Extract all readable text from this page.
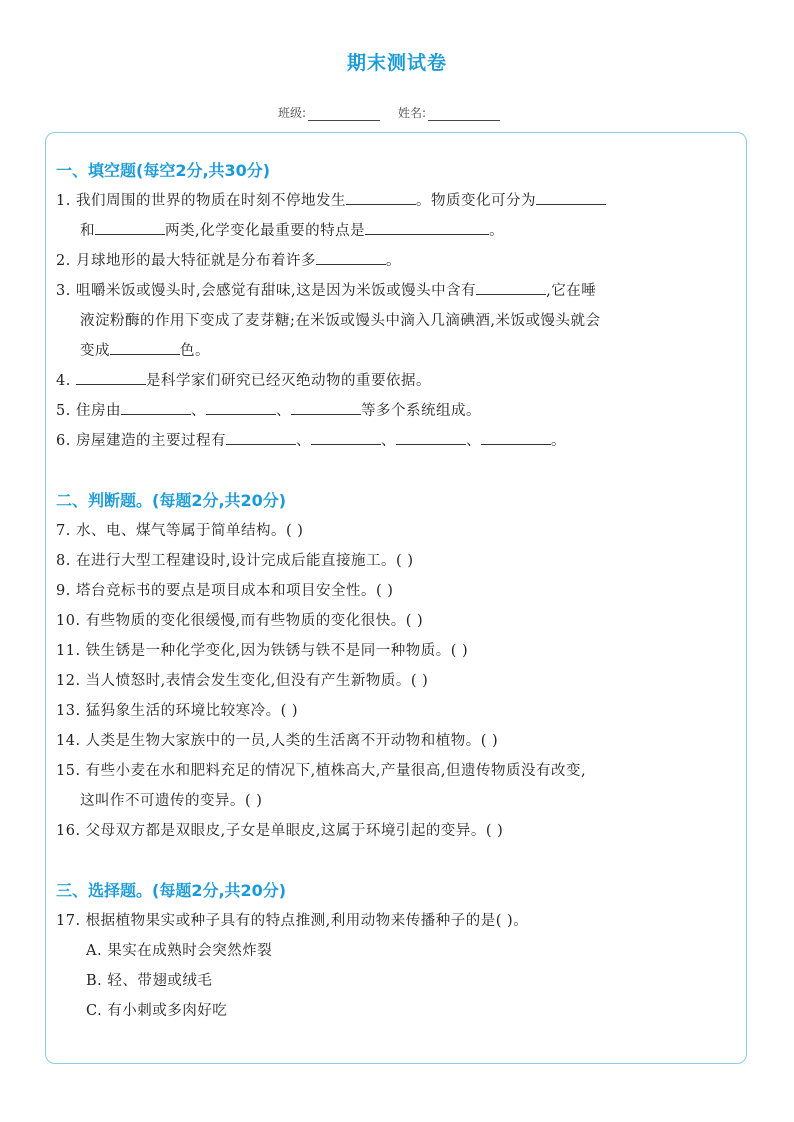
期末测试卷
班级:	姓名:
一、填空题(每空2分,共30分)
1. 我们周围的世界的物质在时刻不停地发生	。物质变化可分为
和	两类,化学变化最重要的特点是	。
2. 月球地形的最大特征就是分布着许多	。
3. 咀嚼米饭或馒头时,会感觉有甜味,这是因为米饭或馒头中含有	,它在唾
液淀粉酶的作用下变成了麦芽糖;在米饭或馒头中滴入几滴碘酒,米饭或馒头就会
变成	色。
4.	是科学家们研究已经灭绝动物的重要依据。
5. 住房由	、	、	等多个系统组成。
6. 房屋建造的主要过程有	、	、	、	。
二、判断题。(每题2分,共20分)
7. 水、电、煤气等属于简单结构。( )
8. 在进行大型工程建设时,设计完成后能直接施工。( )
9. 塔台竞标书的要点是项目成本和项目安全性。( )
10. 有些物质的变化很缓慢,而有些物质的变化很快。( )
11. 铁生锈是一种化学变化,因为铁锈与铁不是同一种物质。( )
12. 当人愤怒时,表情会发生变化,但没有产生新物质。( )
13. 猛犸象生活的环境比较寒冷。( )
14. 人类是生物大家族中的一员,人类的生活离不开动物和植物。( )
15. 有些小麦在水和肥料充足的情况下,植株高大,产量很高,但遗传物质没有改变,
这叫作不可遗传的变异。( )
16. 父母双方都是双眼皮,子女是单眼皮,这属于环境引起的变异。( )
三、选择题。(每题2分,共20分)
17. 根据植物果实或种子具有的特点推测,利用动物来传播种子的是( )。
A. 果实在成熟时会突然炸裂
B. 轻、带翅或绒毛
C. 有小刺或多肉好吃
